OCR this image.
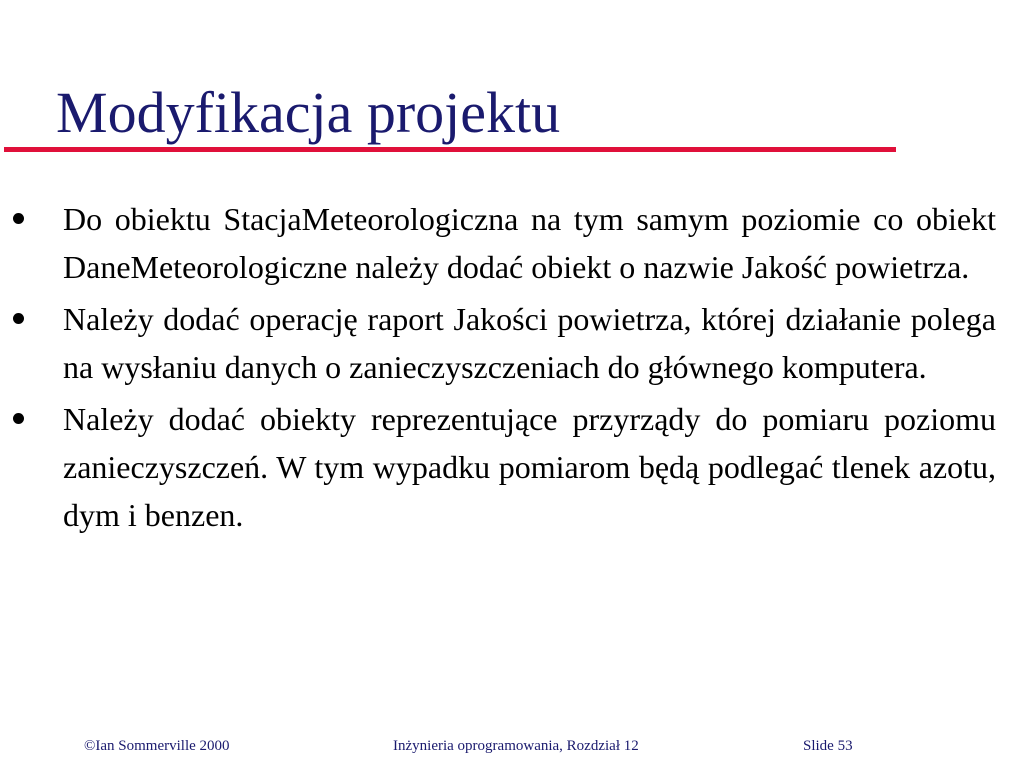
Modyfikacja projektu
Do obiektu StacjaMeteorologiczna na tym samym poziomie co obiekt DaneMeteorologiczne należy dodać obiekt o nazwie Jakość powietrza.
Należy dodać operację raport Jakości powietrza, której działanie polega na wysłaniu danych o zanieczyszczeniach do głównego komputera.
Należy dodać obiekty reprezentujące przyrządy do pomiaru poziomu zanieczyszczeń. W tym wypadku pomiarom będą podlegać tlenek azotu, dym i benzen.

©Ian Sommerville 2000	Inżynieria oprogramowania, Rozdział 12	Slide 53
